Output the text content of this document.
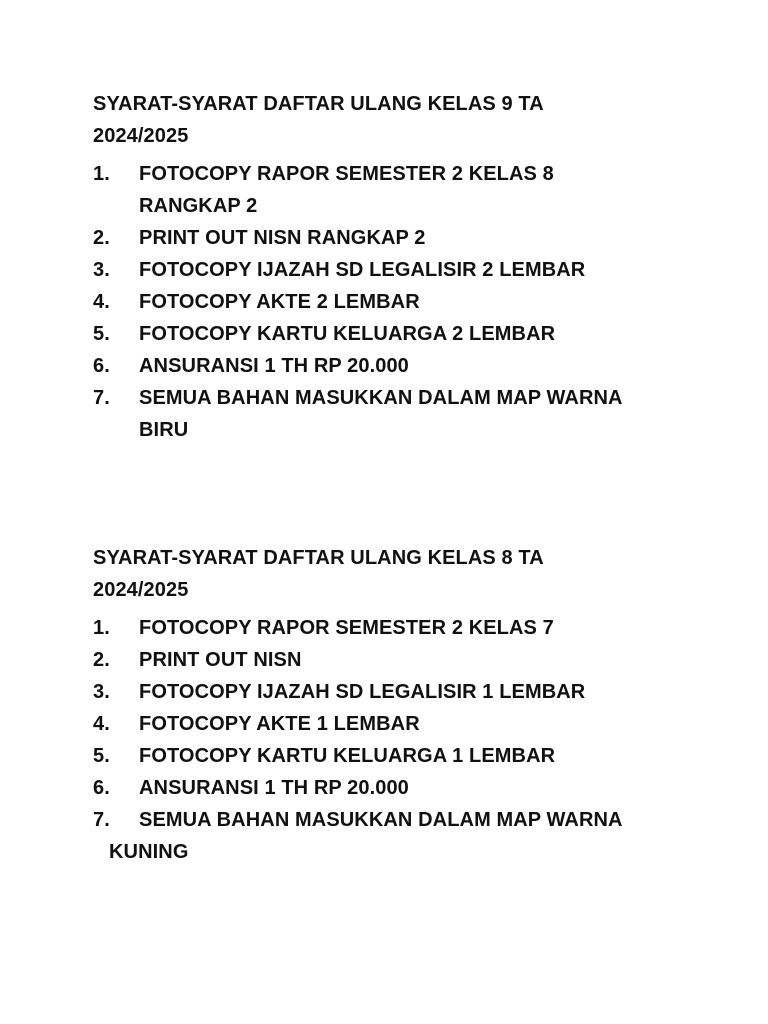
SYARAT-SYARAT DAFTAR ULANG KELAS 9 TA
2024/2025
1.	FOTOCOPY RAPOR SEMESTER 2 KELAS 8
RANGKAP 2
2.	PRINT OUT NISN RANGKAP 2
3.	FOTOCOPY IJAZAH SD LEGALISIR 2 LEMBAR
4.	FOTOCOPY AKTE 2 LEMBAR
5.	FOTOCOPY KARTU KELUARGA 2 LEMBAR
6.	ANSURANSI 1 TH RP 20.000
7.	SEMUA BAHAN MASUKKAN DALAM MAP WARNA
BIRU
SYARAT-SYARAT DAFTAR ULANG KELAS 8 TA
2024/2025
1.	FOTOCOPY RAPOR SEMESTER 2 KELAS 7
2.	PRINT OUT NISN
3.	FOTOCOPY IJAZAH SD LEGALISIR 1 LEMBAR
4.	FOTOCOPY AKTE 1 LEMBAR
5.	FOTOCOPY KARTU KELUARGA 1 LEMBAR
6.	ANSURANSI 1 TH RP 20.000
7.	SEMUA BAHAN MASUKKAN DALAM MAP WARNA
KUNING
